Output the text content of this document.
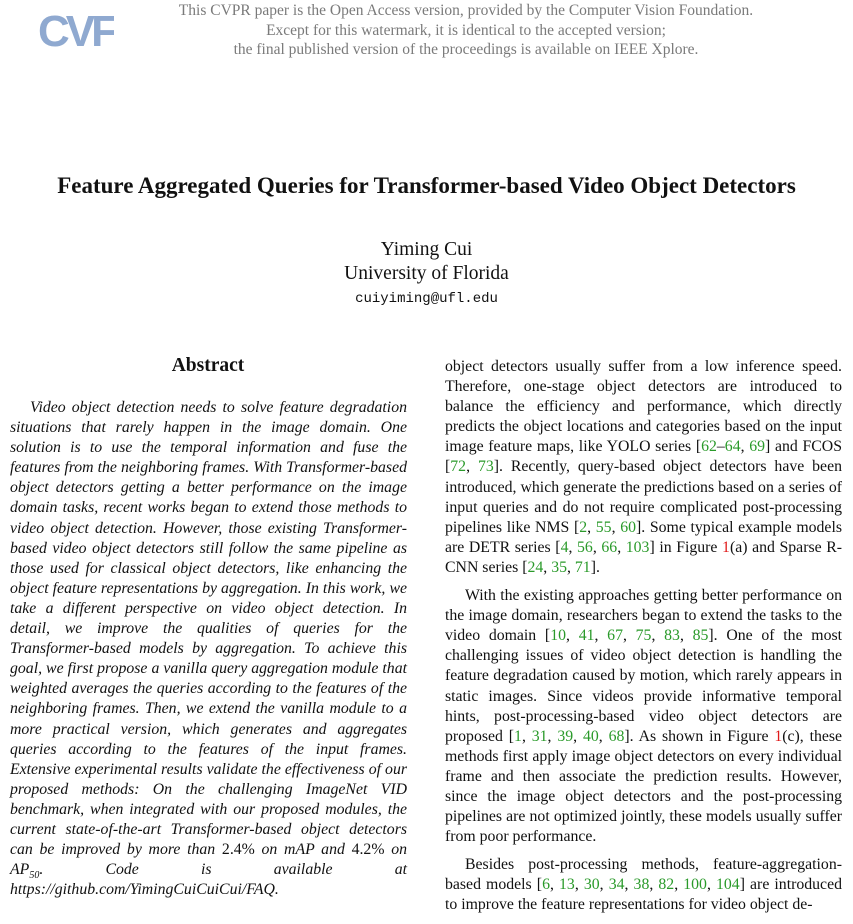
CVF	This CVPR paper is the Open Access version, provided by the Computer Vision Foundation.
Except for this watermark, it is identical to the accepted version;
the final published version of the proceedings is available on IEEE Xplore.
Feature Aggregated Queries for Transformer-based Video Object Detectors
Yiming Cui
University of Florida
cuiyiming@ufl.edu
Abstract

Video object detection needs to solve feature degradation situations that rarely happen in the image domain. One solution is to use the temporal information and fuse the features from the neighboring frames. With Transformer-based object detectors getting a better performance on the image domain tasks, recent works began to extend those methods to video object detection. However, those existing Transformer-based video object detectors still follow the same pipeline as those used for classical object detectors, like enhancing the object feature representations by aggregation. In this work, we take a different perspective on video object detection. In detail, we improve the qualities of queries for the Transformer-based models by aggregation. To achieve this goal, we first propose a vanilla query aggregation module that weighted averages the queries according to the features of the neighboring frames. Then, we extend the vanilla module to a more practical version, which generates and aggregates queries according to the features of the input frames. Extensive experimental results validate the effectiveness of our proposed methods: On the challenging ImageNet VID benchmark, when integrated with our proposed modules, the current state-of-the-art Transformer-based object detectors can be improved by more than 2.4% on mAP and 4.2% on $AP_{50}$. Code is available at https://github.com/YimingCuiCuiCui/FAQ.

object detectors usually suffer from a low inference speed. Therefore, one-stage object detectors are introduced to balance the efficiency and performance, which directly predicts the object locations and categories based on the input image feature maps, like YOLO series [62–64, 69] and FCOS [72, 73]. Recently, query-based object detectors have been introduced, which generate the predictions based on a series of input queries and do not require complicated post-processing pipelines like NMS [2, 55, 60]. Some typical example models are DETR series [4, 56, 66, 103] in Figure 1(a) and Sparse R-CNN series [24, 35, 71].

With the existing approaches getting better performance on the image domain, researchers began to extend the tasks to the video domain [10, 41, 67, 75, 83, 85]. One of the most challenging issues of video object detection is handling the feature degradation caused by motion, which rarely appears in static images. Since videos provide informative temporal hints, post-processing-based video object detectors are proposed [1, 31, 39, 40, 68]. As shown in Figure 1(c), these methods first apply image object detectors on every individual frame and then associate the prediction results. However, since the image object detectors and the post-processing pipelines are not optimized jointly, these models usually suffer from poor performance.

Besides post-processing methods, feature-aggregation-based models [6, 13, 30, 34, 38, 82, 100, 104] are introduced to improve the feature representations for video object de-
